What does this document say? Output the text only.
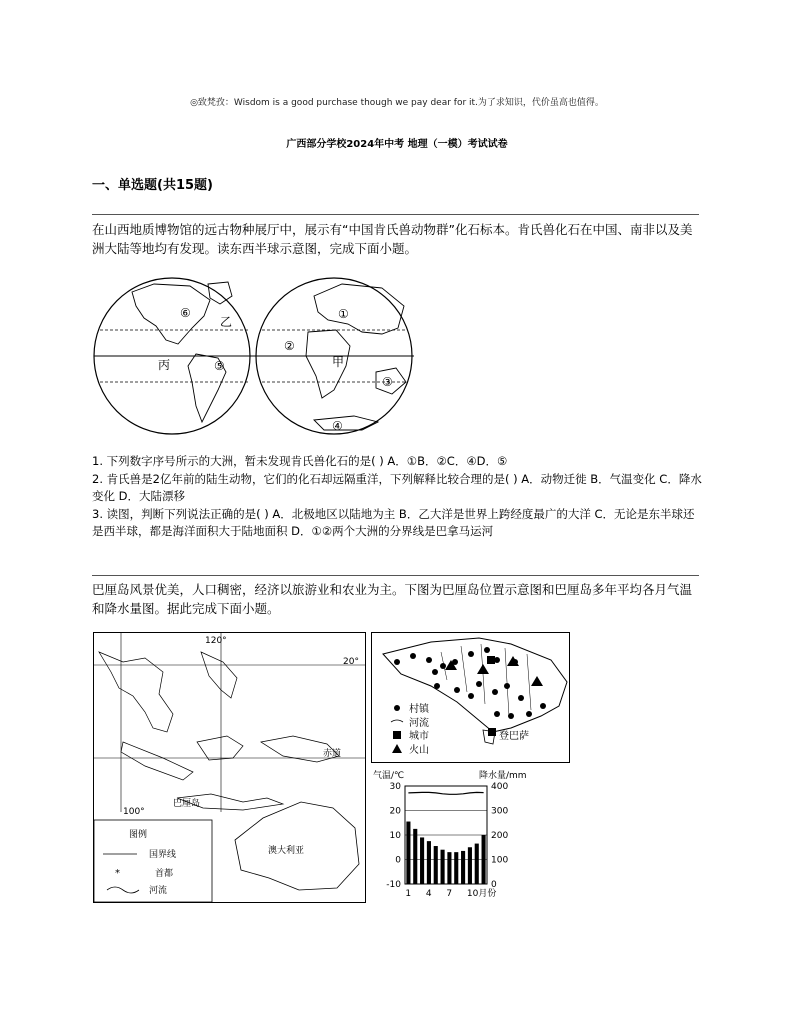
◎致梵孜：Wisdom is a good purchase though we pay dear for it.为了求知识，代价虽高也值得。
广西部分学校2024年中考 地理（一模）考试试卷
一、单选题(共15题)
在山西地质博物馆的远古物种展厅中，展示有“中国肯氏兽动物群”化石标本。肯氏兽化石在中国、南非以及美洲大陆等地均有发现。读东西半球示意图，完成下面小题。
⑥
乙
丙	⑤
①
②
甲
③
④
1. 下列数字序号所示的大洲，暂未发现肯氏兽化石的是( ) A．①B．②C．④D．⑤
2. 肯氏兽是2亿年前的陆生动物，它们的化石却远隔重洋，下列解释比较合理的是( ) A．动物迁徙 B．气温变化 C．降水变化 D．大陆漂移
3. 读图，判断下列说法正确的是( ) A．北极地区以陆地为主 B．乙大洋是世界上跨经度最广的大洋 C．无论是东半球还是西半球，都是海洋面积大于陆地面积 D．①②两个大洲的分界线是巴拿马运河
巴厘岛风景优美，人口稠密，经济以旅游业和农业为主。下图为巴厘岛位置示意图和巴厘岛多年平均各月气温和降水量图。据此完成下面小题。
120°
20°
赤道
100°
巴厘岛
澳大利亚
图例
国界线
*	首都
河流
登巴萨
村镇
河流
城市
火山
气温/℃	降水量/mm
30
20
10
0
-10
400
300
200
100
0
1 4 7 10月份
